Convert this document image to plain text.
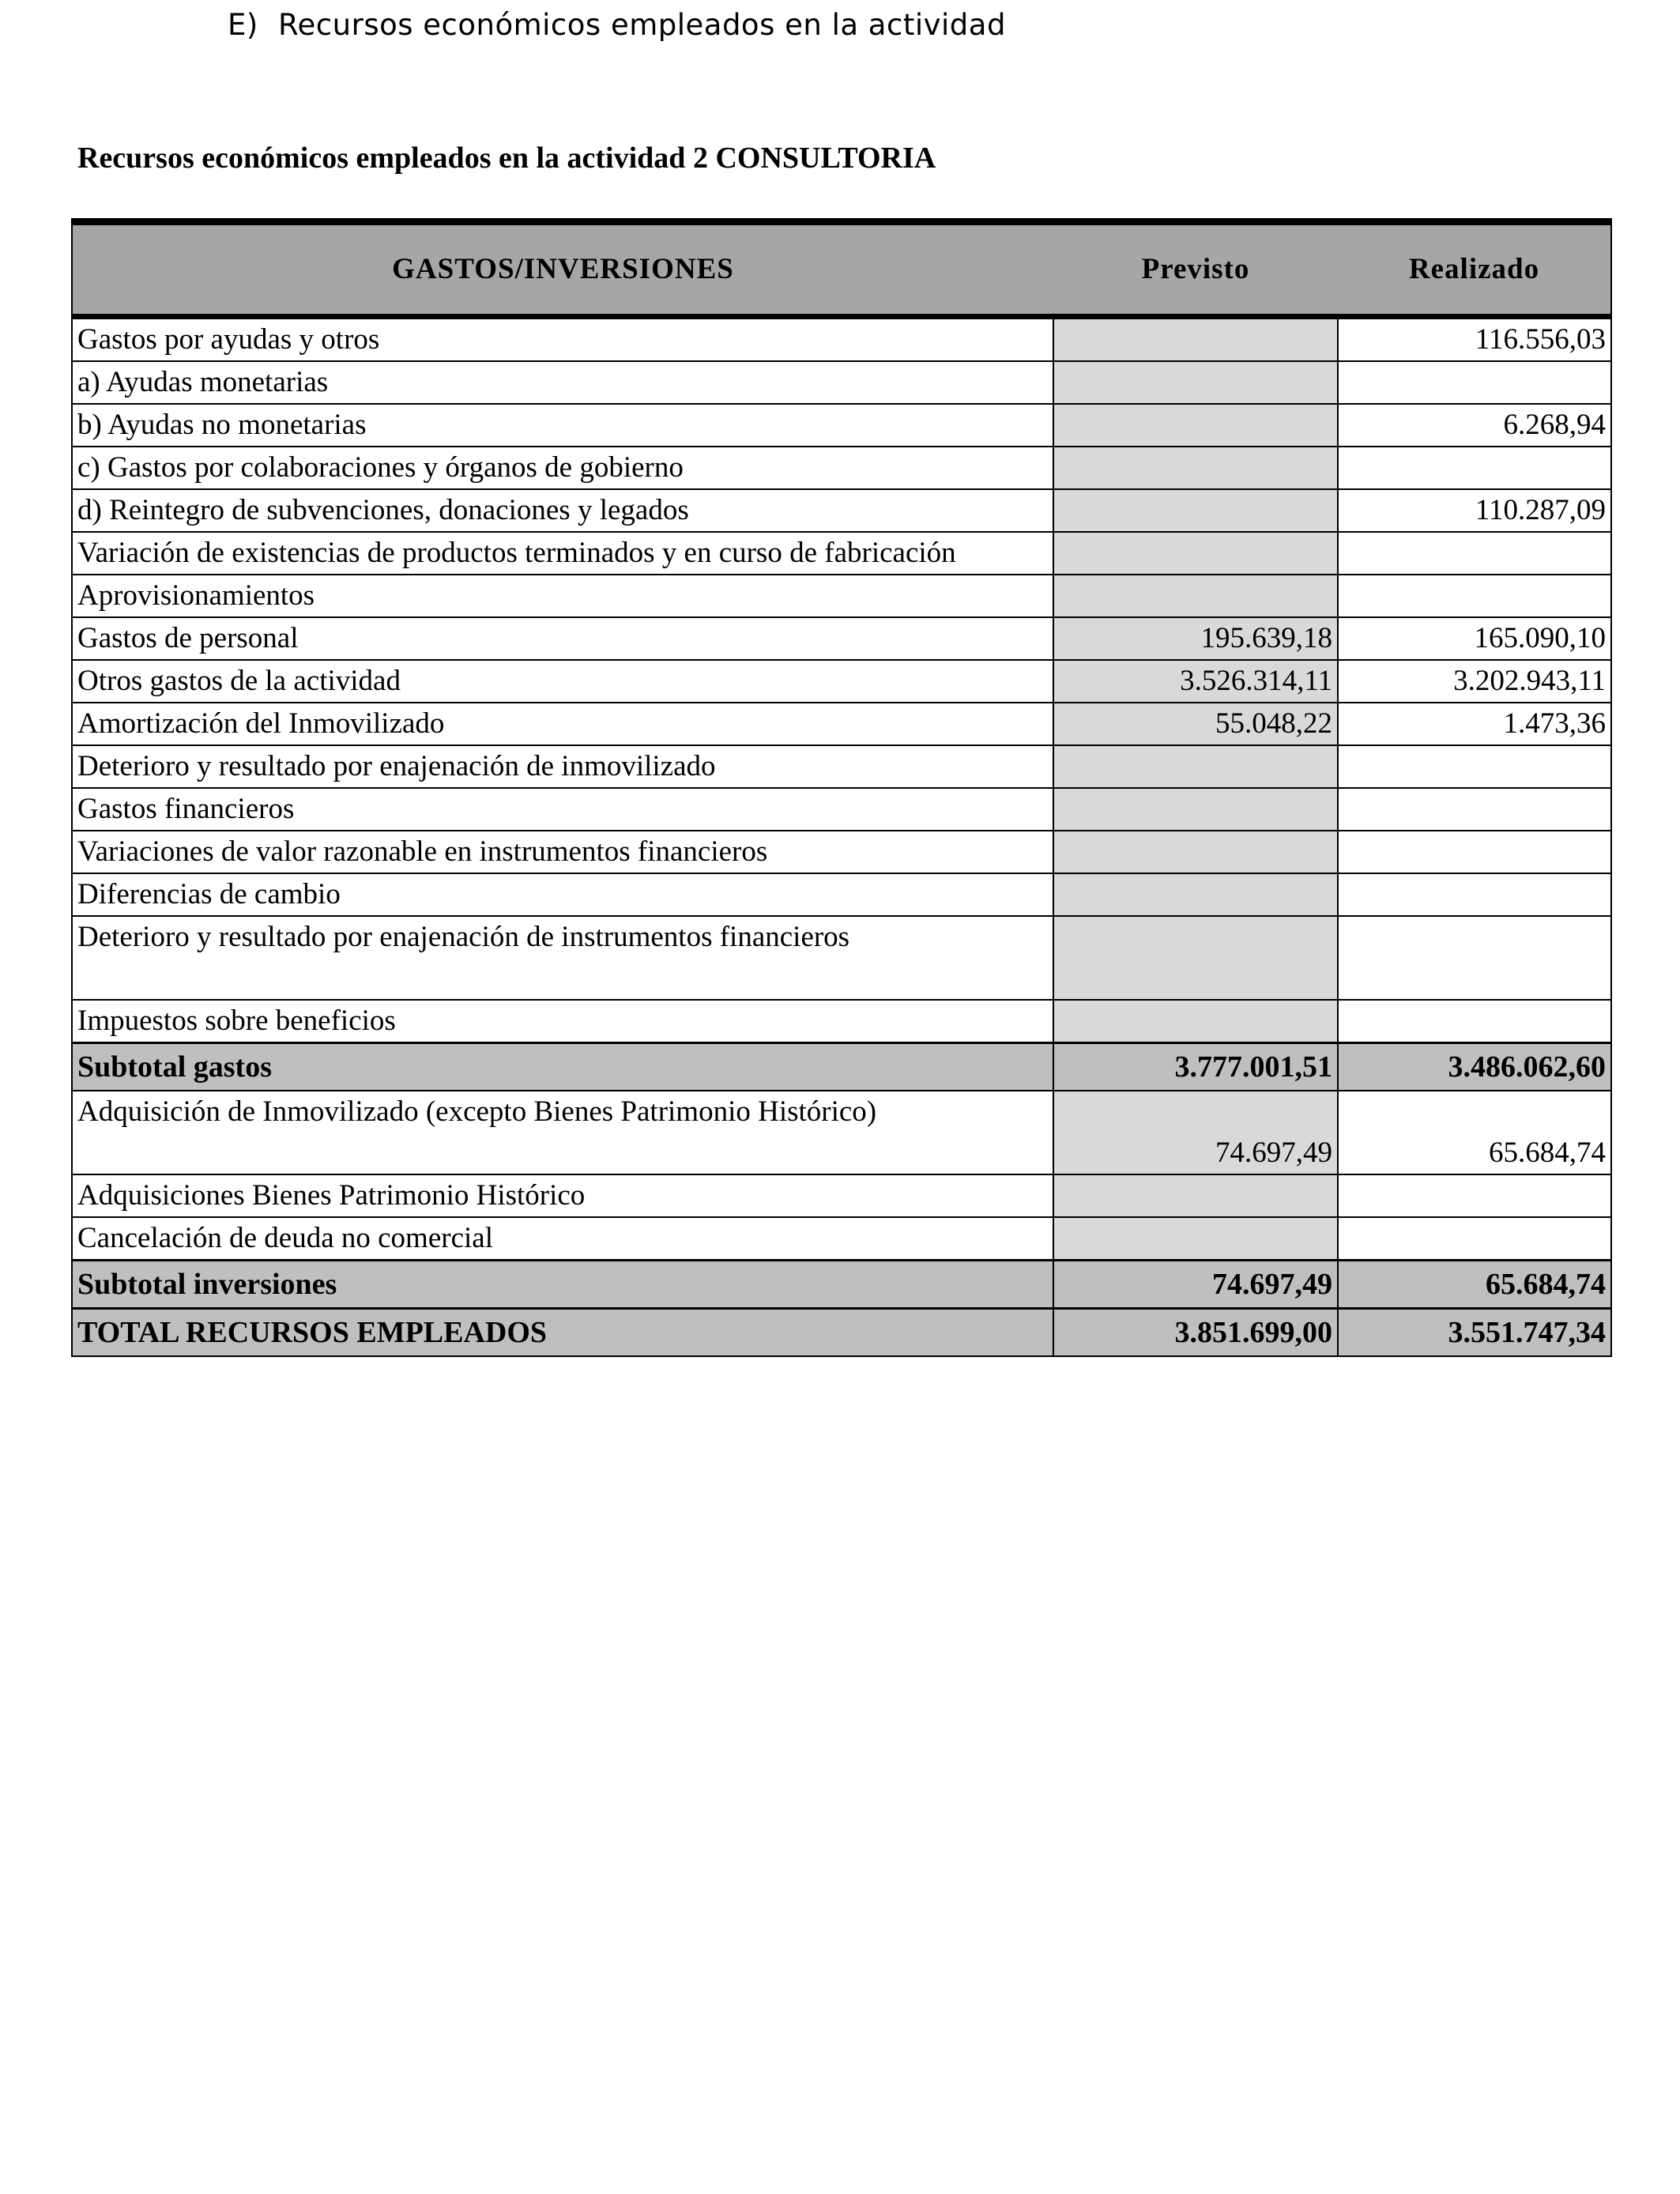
E) Recursos económicos empleados en la actividad
Recursos económicos empleados en la actividad 2 CONSULTORIA
GASTOS/INVERSIONES	Previsto	Realizado
Gastos por ayudas y otros		116.556,03
a) Ayudas monetarias		
b) Ayudas no monetarias		6.268,94
c) Gastos por colaboraciones y órganos de gobierno		
d) Reintegro de subvenciones, donaciones y legados		110.287,09
Variación de existencias de productos terminados y en curso de fabricación		
Aprovisionamientos		
Gastos de personal	195.639,18	165.090,10
Otros gastos de la actividad	3.526.314,11	3.202.943,11
Amortización del Inmovilizado	55.048,22	1.473,36
Deterioro y resultado por enajenación de inmovilizado		
Gastos financieros		
Variaciones de valor razonable en instrumentos financieros		
Diferencias de cambio		
Deterioro y resultado por enajenación de instrumentos financieros		
Impuestos sobre beneficios		
Subtotal gastos	3.777.001,51	3.486.062,60
Adquisición de Inmovilizado (excepto Bienes Patrimonio Histórico)	74.697,49	65.684,74
Adquisiciones Bienes Patrimonio Histórico		
Cancelación de deuda no comercial		
Subtotal inversiones	74.697,49	65.684,74
TOTAL RECURSOS EMPLEADOS	3.851.699,00	3.551.747,34
